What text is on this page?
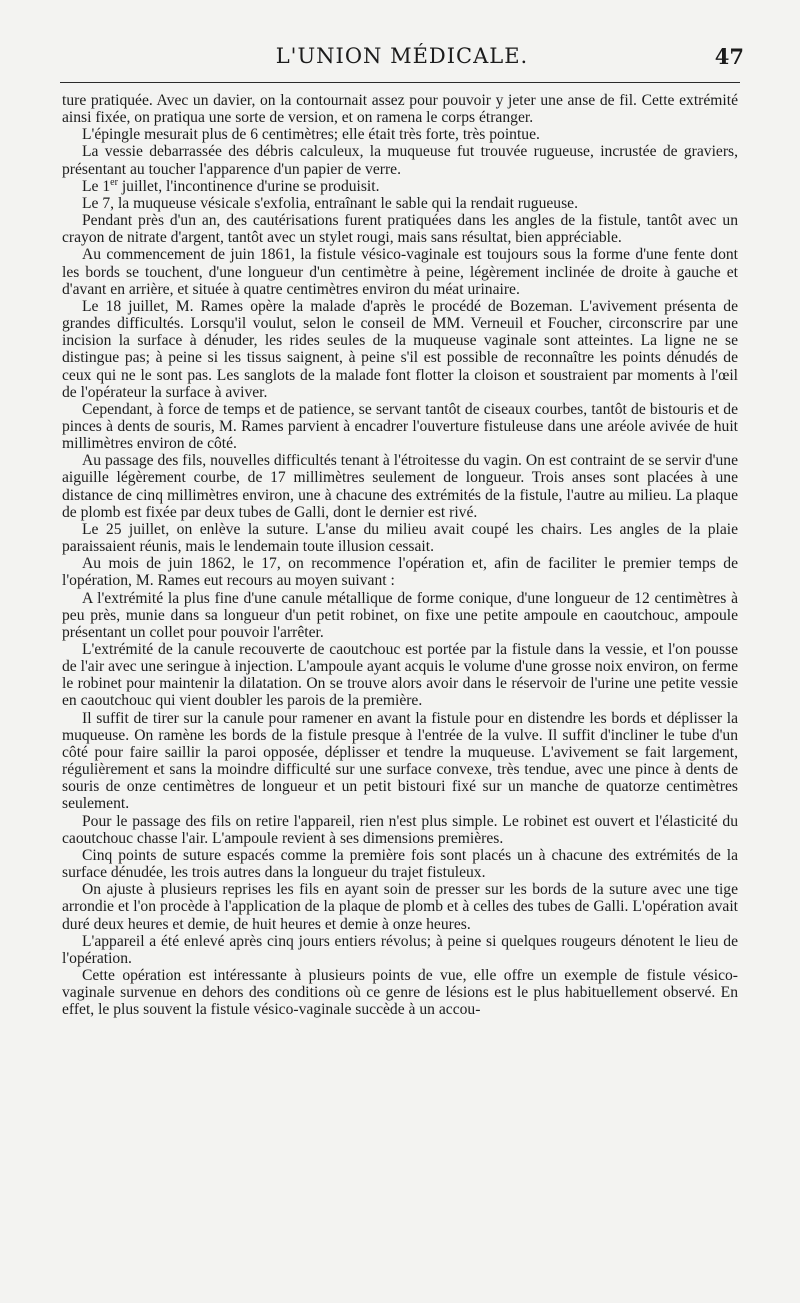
L'UNION MÉDICALE.	47

ture pratiquée. Avec un davier, on la contournait assez pour pouvoir y jeter une anse de fil. Cette extrémité ainsi fixée, on pratiqua une sorte de version, et on ramena le corps étranger.

L'épingle mesurait plus de 6 centimètres; elle était très forte, très pointue.

La vessie debarrassée des débris calculeux, la muqueuse fut trouvée rugueuse, incrustée de graviers, présentant au toucher l'apparence d'un papier de verre.

Le 1er juillet, l'incontinence d'urine se produisit.

Le 7, la muqueuse vésicale s'exfolia, entraînant le sable qui la rendait rugueuse.

Pendant près d'un an, des cautérisations furent pratiquées dans les angles de la fistule, tantôt avec un crayon de nitrate d'argent, tantôt avec un stylet rougi, mais sans résultat, bien appréciable.

Au commencement de juin 1861, la fistule vésico-vaginale est toujours sous la forme d'une fente dont les bords se touchent, d'une longueur d'un centimètre à peine, légèrement inclinée de droite à gauche et d'avant en arrière, et située à quatre centimètres environ du méat urinaire.

Le 18 juillet, M. Rames opère la malade d'après le procédé de Bozeman. L'avivement présenta de grandes difficultés. Lorsqu'il voulut, selon le conseil de MM. Verneuil et Foucher, circonscrire par une incision la surface à dénuder, les rides seules de la muqueuse vaginale sont atteintes. La ligne ne se distingue pas; à peine si les tissus saignent, à peine s'il est possible de reconnaître les points dénudés de ceux qui ne le sont pas. Les sanglots de la malade font flotter la cloison et soustraient par moments à l'œil de l'opérateur la surface à aviver.

Cependant, à force de temps et de patience, se servant tantôt de ciseaux courbes, tantôt de bistouris et de pinces à dents de souris, M. Rames parvient à encadrer l'ouverture fistuleuse dans une aréole avivée de huit millimètres environ de côté.

Au passage des fils, nouvelles difficultés tenant à l'étroitesse du vagin. On est contraint de se servir d'une aiguille légèrement courbe, de 17 millimètres seulement de longueur. Trois anses sont placées à une distance de cinq millimètres environ, une à chacune des extrémités de la fistule, l'autre au milieu. La plaque de plomb est fixée par deux tubes de Galli, dont le dernier est rivé.

Le 25 juillet, on enlève la suture. L'anse du milieu avait coupé les chairs. Les angles de la plaie paraissaient réunis, mais le lendemain toute illusion cessait.

Au mois de juin 1862, le 17, on recommence l'opération et, afin de faciliter le premier temps de l'opération, M. Rames eut recours au moyen suivant :

A l'extrémité la plus fine d'une canule métallique de forme conique, d'une longueur de 12 centimètres à peu près, munie dans sa longueur d'un petit robinet, on fixe une petite ampoule en caoutchouc, ampoule présentant un collet pour pouvoir l'arrêter.

L'extrémité de la canule recouverte de caoutchouc est portée par la fistule dans la vessie, et l'on pousse de l'air avec une seringue à injection. L'ampoule ayant acquis le volume d'une grosse noix environ, on ferme le robinet pour maintenir la dilatation. On se trouve alors avoir dans le réservoir de l'urine une petite vessie en caoutchouc qui vient doubler les parois de la première.

Il suffit de tirer sur la canule pour ramener en avant la fistule pour en distendre les bords et déplisser la muqueuse. On ramène les bords de la fistule presque à l'entrée de la vulve. Il suffit d'incliner le tube d'un côté pour faire saillir la paroi opposée, déplisser et tendre la muqueuse. L'avivement se fait largement, régulièrement et sans la moindre difficulté sur une surface convexe, très tendue, avec une pince à dents de souris de onze centimètres de longueur et un petit bistouri fixé sur un manche de quatorze centimètres seulement.

Pour le passage des fils on retire l'appareil, rien n'est plus simple. Le robinet est ouvert et l'élasticité du caoutchouc chasse l'air. L'ampoule revient à ses dimensions premières.

Cinq points de suture espacés comme la première fois sont placés un à chacune des extrémités de la surface dénudée, les trois autres dans la longueur du trajet fistuleux.

On ajuste à plusieurs reprises les fils en ayant soin de presser sur les bords de la suture avec une tige arrondie et l'on procède à l'application de la plaque de plomb et à celles des tubes de Galli. L'opération avait duré deux heures et demie, de huit heures et demie à onze heures.

L'appareil a été enlevé après cinq jours entiers révolus; à peine si quelques rougeurs dénotent le lieu de l'opération.

Cette opération est intéressante à plusieurs points de vue, elle offre un exemple de fistule vésico-vaginale survenue en dehors des conditions où ce genre de lésions est le plus habituellement observé. En effet, le plus souvent la fistule vésico-vaginale succède à un accou-
